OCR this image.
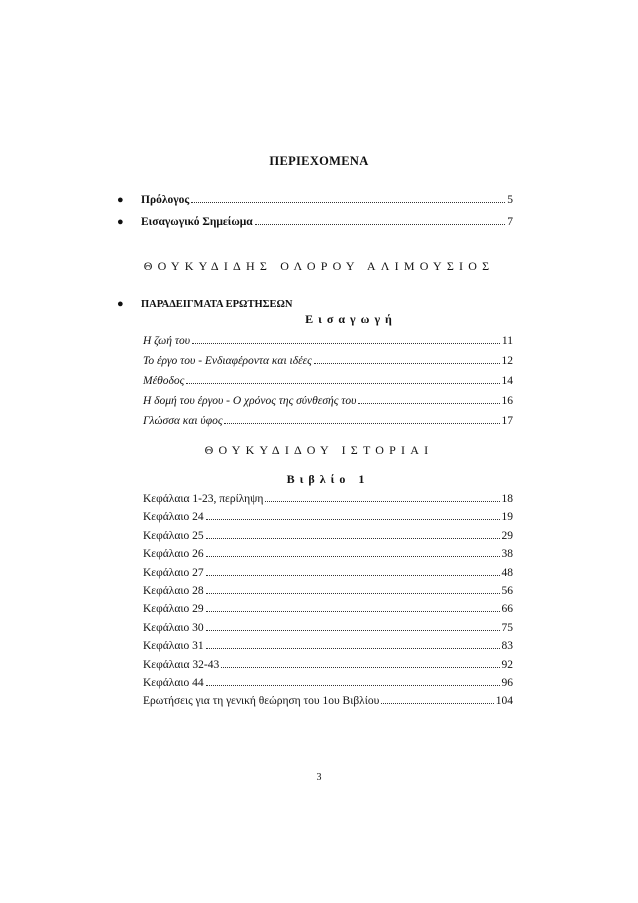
ΠΕΡΙΕΧΟΜΕΝΑ
●	Πρόλογος	5
●	Εισαγωγικό Σημείωμα	7
ΘΟΥΚΥΔΙΔΗΣ ΟΛΟΡΟΥ ΑΛΙΜΟΥΣΙΟΣ
●	ΠΑΡΑΔΕΙΓΜΑΤΑ ΕΡΩΤΗΣΕΩΝ
Εισαγωγή
Η ζωή του	11
Το έργο του - Ενδιαφέροντα και ιδέες	12
Μέθοδος	14
Η δομή του έργου - Ο χρόνος της σύνθεσής του	16
Γλώσσα και ύφος	17
ΘΟΥΚΥΔΙΔΟΥ ΙΣΤΟΡΙΑΙ
Βιβλίο 1
Κεφάλαια 1-23, περίληψη	18
Κεφάλαιο 24	19
Κεφάλαιο 25	29
Κεφάλαιο 26	38
Κεφάλαιο 27	48
Κεφάλαιο 28	56
Κεφάλαιο 29	66
Κεφάλαιο 30	75
Κεφάλαιο 31	83
Κεφάλαια 32-43	92
Κεφάλαιο 44	96
Ερωτήσεις για τη γενική θεώρηση του 1ου Βιβλίου	104
3
